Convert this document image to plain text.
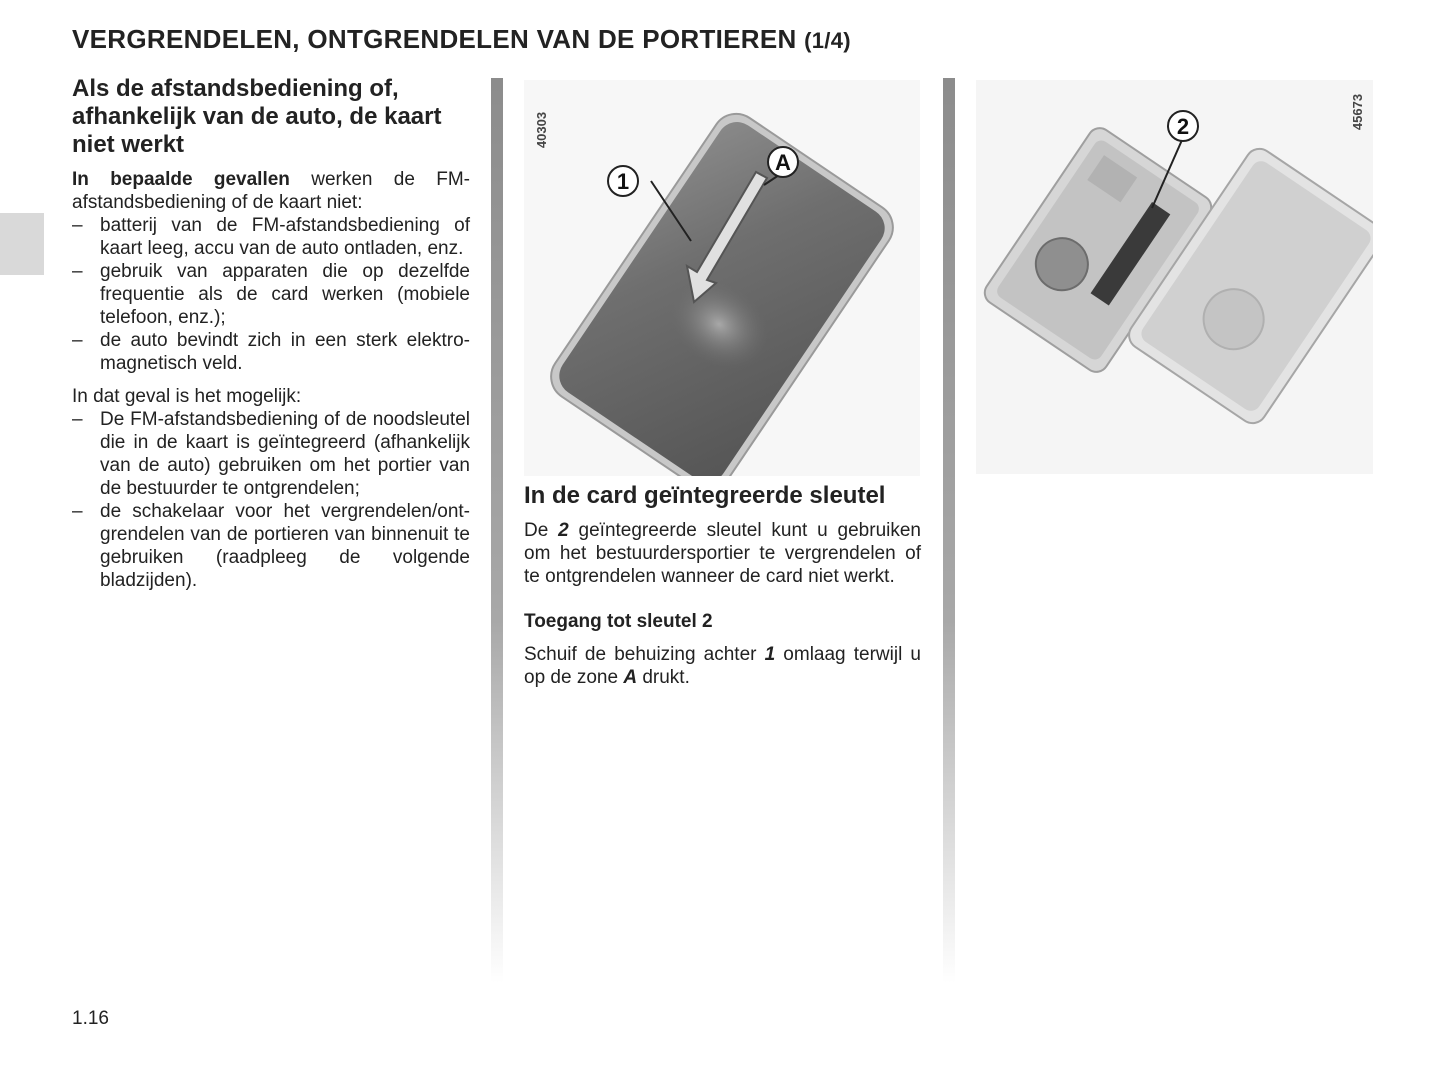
VERGRENDELEN, ONTGRENDELEN VAN DE PORTIEREN (1/4)
Als de afstandsbediening of, afhankelijk van de auto, de kaart niet werkt

In bepaalde gevallen werken de FM-afstandsbediening of de kaart niet:

– batterij van de FM-afstandsbediening of kaart leeg, accu van de auto ontladen, enz.
– gebruik van apparaten die op dezelfde frequentie als de card werken (mobiele telefoon, enz.);
– de auto bevindt zich in een sterk elektromagnetisch veld.

In dat geval is het mogelijk:

– De FM-afstandsbediening of de noodsleutel die in de kaart is geïntegreerd (afhankelijk van de auto) gebruiken om het portier van de bestuurder te ontgrendelen;
– de schakelaar voor het vergrendelen/ontgrendelen van de portieren van binnenuit te gebruiken (raadpleeg de volgende bladzijden).
1
A
40303	2	45673
In de card geïntegreerde sleutel

De 2 geïntegreerde sleutel kunt u gebruiken om het bestuurdersportier te vergrendelen of te ontgrendelen wanneer de card niet werkt.

Toegang tot sleutel 2

Schuif de behuizing achter 1 omlaag terwijl u op de zone A drukt.

1.16
